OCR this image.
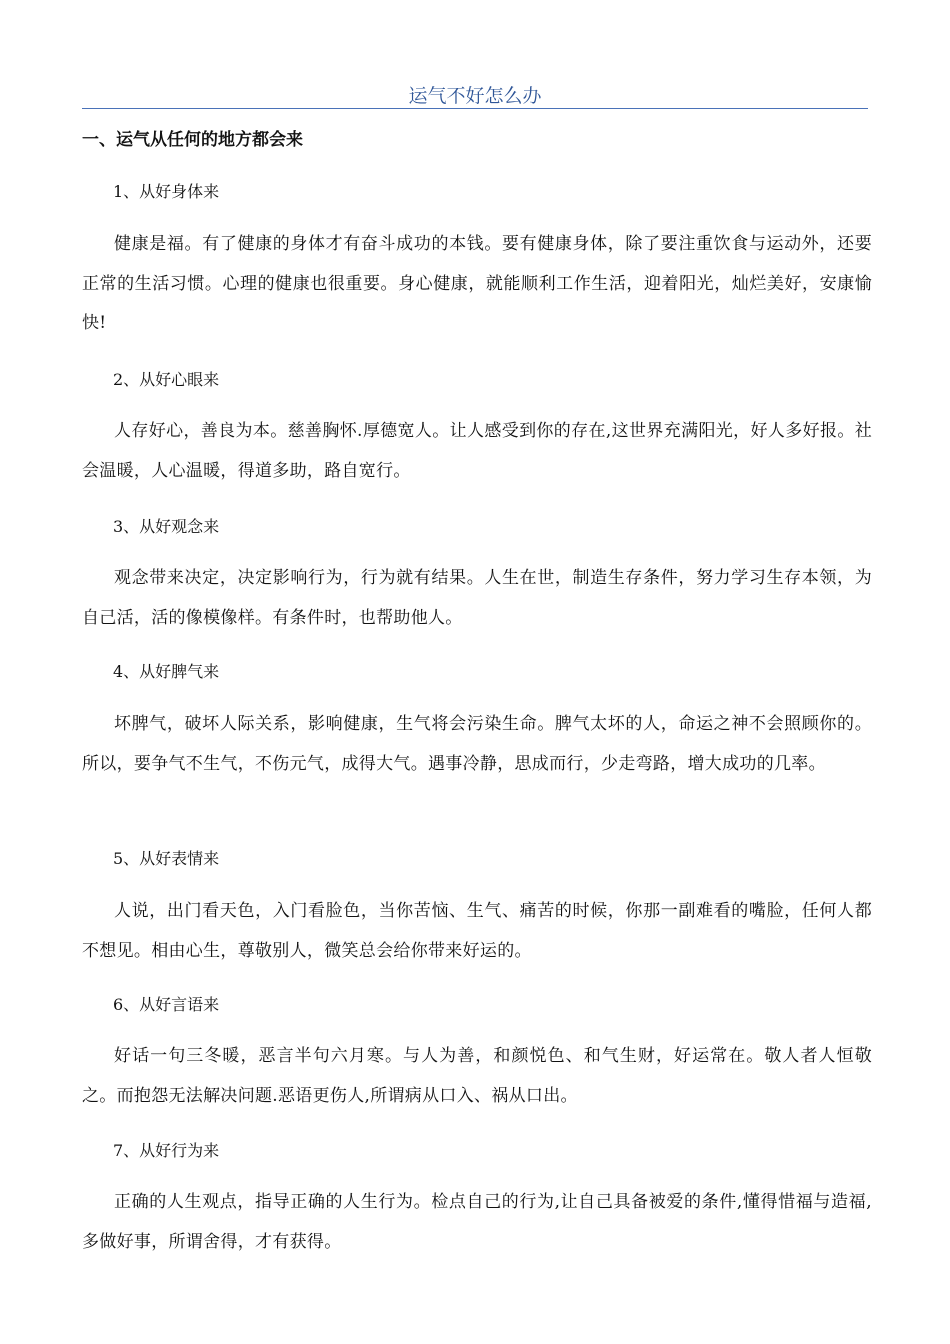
运气不好怎么办
一、运气从任何的地方都会来
1、从好身体来
健康是福。有了健康的身体才有奋斗成功的本钱。要有健康身体，除了要注重饮食与运动外，还要正常的生活习惯。心理的健康也很重要。身心健康，就能顺利工作生活，迎着阳光，灿烂美好，安康愉快!
2、从好心眼来
人存好心，善良为本。慈善胸怀.厚德宽人。让人感受到你的存在,这世界充满阳光，好人多好报。社会温暖，人心温暖，得道多助，路自宽行。
3、从好观念来
观念带来决定，决定影响行为，行为就有结果。人生在世，制造生存条件，努力学习生存本领，为自己活，活的像模像样。有条件时，也帮助他人。
4、从好脾气来
坏脾气，破坏人际关系，影响健康，生气将会污染生命。脾气太坏的人，命运之神不会照顾你的。所以，要争气不生气，不伤元气，成得大气。遇事冷静，思成而行，少走弯路，增大成功的几率。
5、从好表情来
人说，出门看天色，入门看脸色，当你苦恼、生气、痛苦的时候，你那一副难看的嘴脸，任何人都不想见。相由心生，尊敬别人，微笑总会给你带来好运的。
6、从好言语来
好话一句三冬暖，恶言半句六月寒。与人为善，和颜悦色、和气生财，好运常在。敬人者人恒敬之。而抱怨无法解决问题.恶语更伤人,所谓病从口入、祸从口出。
7、从好行为来
正确的人生观点，指导正确的人生行为。检点自己的行为,让自己具备被爱的条件,懂得惜福与造福,多做好事，所谓舍得，才有获得。
